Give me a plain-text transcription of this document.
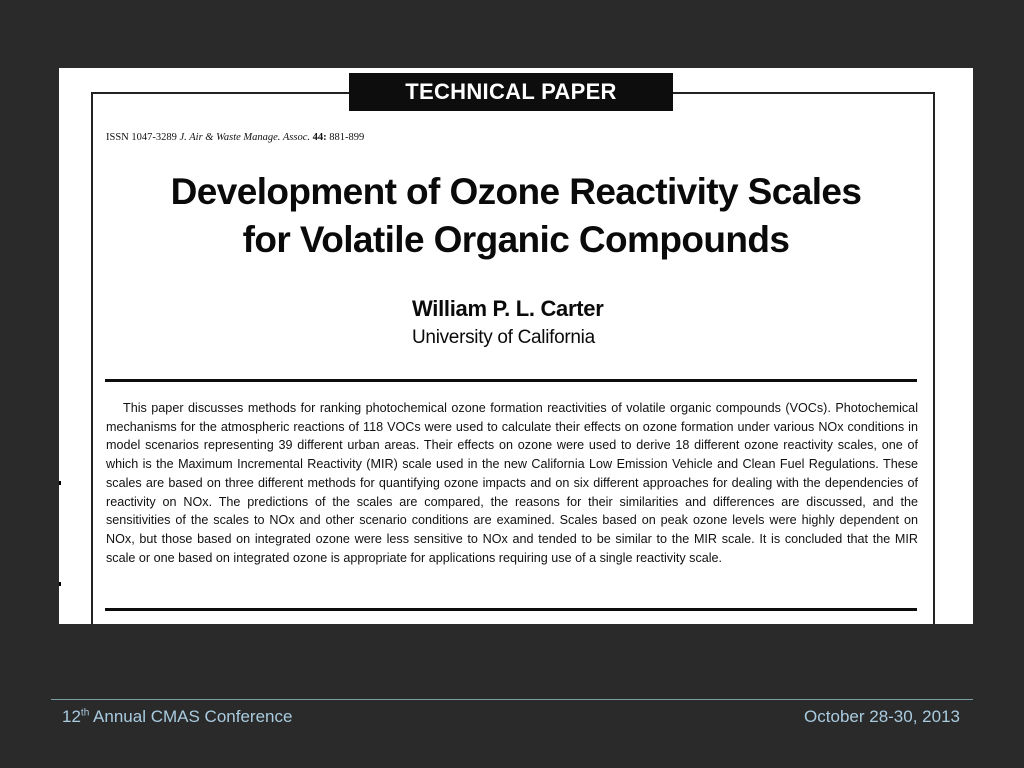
TECHNICAL PAPER
ISSN 1047-3289 J. Air & Waste Manage. Assoc. 44: 881-899
Development of Ozone Reactivity Scales
for Volatile Organic Compounds
William P. L. Carter
University of California
This paper discusses methods for ranking photochemical ozone formation reactivities of volatile organic compounds (VOCs). Photochemical mechanisms for the atmospheric reactions of 118 VOCs were used to calculate their effects on ozone formation under various NOx conditions in model scenarios representing 39 different urban areas. Their effects on ozone were used to derive 18 different ozone reactivity scales, one of which is the Maximum Incremental Reactivity (MIR) scale used in the new California Low Emission Vehicle and Clean Fuel Regulations. These scales are based on three different methods for quantifying ozone impacts and on six different approaches for dealing with the dependencies of reactivity on NOx. The predictions of the scales are compared, the reasons for their similarities and differences are discussed, and the sensitivities of the scales to NOx and other scenario conditions are examined. Scales based on peak ozone levels were highly dependent on NOx, but those based on integrated ozone were less sensitive to NOx and tended to be similar to the MIR scale. It is concluded that the MIR scale or one based on integrated ozone is appropriate for applications requiring use of a single reactivity scale.
12th Annual CMAS Conference	October 28-30, 2013
